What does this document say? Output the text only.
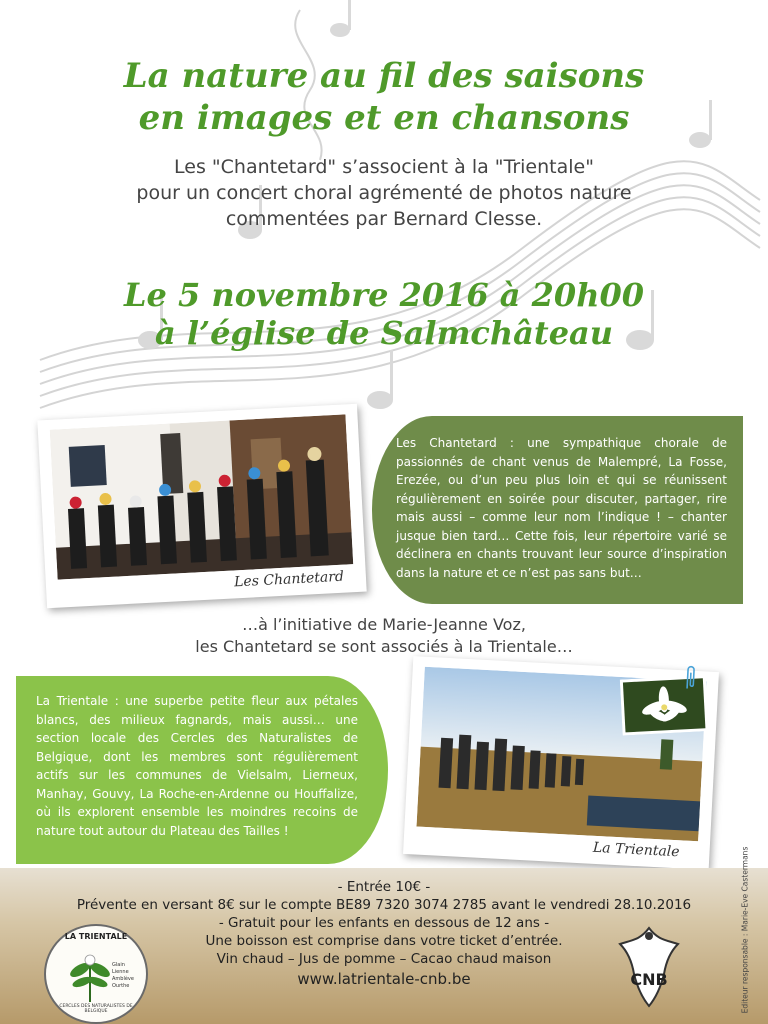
La nature au fil des saisons
en images et en chansons
Les "Chantetard" s’associent à la "Trientale"
pour un concert choral agrémenté de photos nature
commentées par Bernard Clesse.
Le 5 novembre 2016 à 20h00
à l’église de Salmchâteau
Les Chantetard
Les Chantetard : une sympathique chorale de passionnés de chant venus de Malempré, La Fosse, Erezée, ou d’un peu plus loin et qui se réunissent régulièrement en soirée pour discuter, partager, rire mais aussi – comme leur nom l’indique ! – chanter jusque bien tard… Cette fois, leur répertoire varié se déclinera en chants trouvant leur source d’inspiration dans la nature et ce n’est pas sans but…
…à l’initiative de Marie-Jeanne Voz,
les Chantetard se sont associés à la Trientale…
La Trientale : une superbe petite fleur aux pétales blancs, des milieux fagnards, mais aussi… une section locale des Cercles des Naturalistes de Belgique, dont les membres sont régulièrement actifs sur les communes de Vielsalm, Lierneux, Manhay, Gouvy, La Roche-en-Ardenne ou Houffalize, où ils explorent ensemble les moindres recoins de nature tout autour du Plateau des Tailles !
La Trientale
- Entrée 10€ -
Prévente en versant 8€ sur le compte BE89 7320 3074 2785 avant le vendredi 28.10.2016
- Gratuit pour les enfants en dessous de 12 ans -
Une boisson est comprise dans votre ticket d’entrée.
Vin chaud – Jus de pomme – Cacao chaud maison
www.latrientale-cnb.be
LA TRIENTALE
CERCLES DES NATURALISTES DE BELGIQUE
Glain
Lienne
Amblève
Ourthe	CNB	Editeur responsable : Marie-Eve Castermans
